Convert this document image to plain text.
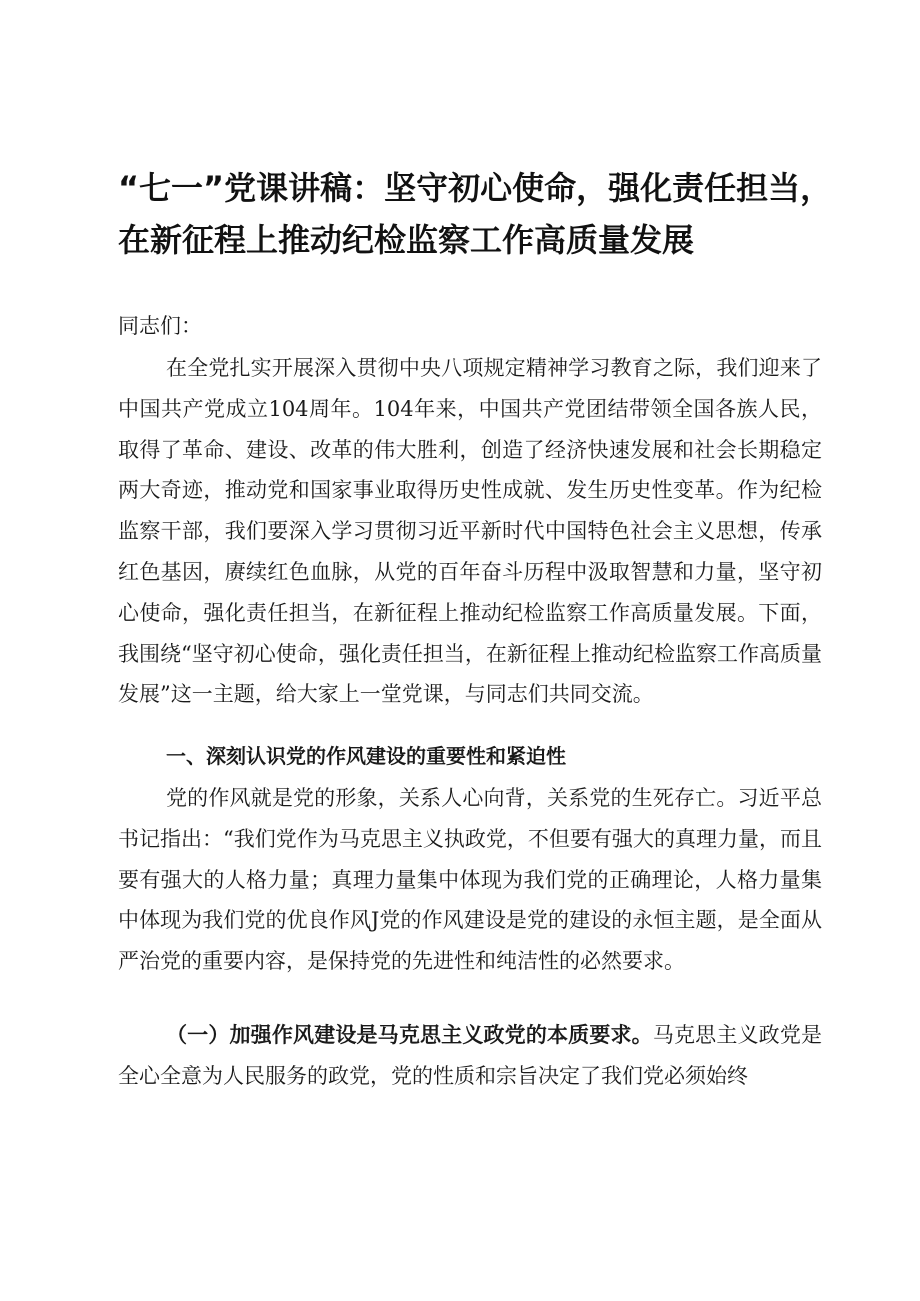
“七一”党课讲稿：坚守初心使命，强化责任担当，
在新征程上推动纪检监察工作高质量发展

同志们：

在全党扎实开展深入贯彻中央八项规定精神学习教育之际，我们迎来了中国共产党成立104周年。104年来，中国共产党团结带领全国各族人民，取得了革命、建设、改革的伟大胜利，创造了经济快速发展和社会长期稳定两大奇迹，推动党和国家事业取得历史性成就、发生历史性变革。作为纪检监察干部，我们要深入学习贯彻习近平新时代中国特色社会主义思想，传承红色基因，赓续红色血脉，从党的百年奋斗历程中汲取智慧和力量，坚守初心使命，强化责任担当，在新征程上推动纪检监察工作高质量发展。下面，我围绕“坚守初心使命，强化责任担当，在新征程上推动纪检监察工作高质量发展”这一主题，给大家上一堂党课，与同志们共同交流。

一、深刻认识党的作风建设的重要性和紧迫性

党的作风就是党的形象，关系人心向背，关系党的生死存亡。习近平总书记指出：“我们党作为马克思主义执政党，不但要有强大的真理力量，而且要有强大的人格力量；真理力量集中体现为我们党的正确理论，人格力量集中体现为我们党的优良作风J党的作风建设是党的建设的永恒主题，是全面从严治党的重要内容，是保持党的先进性和纯洁性的必然要求。

（一）加强作风建设是马克思主义政党的本质要求。马克思主义政党是全心全意为人民服务的政党，党的性质和宗旨决定了我们党必须始终
